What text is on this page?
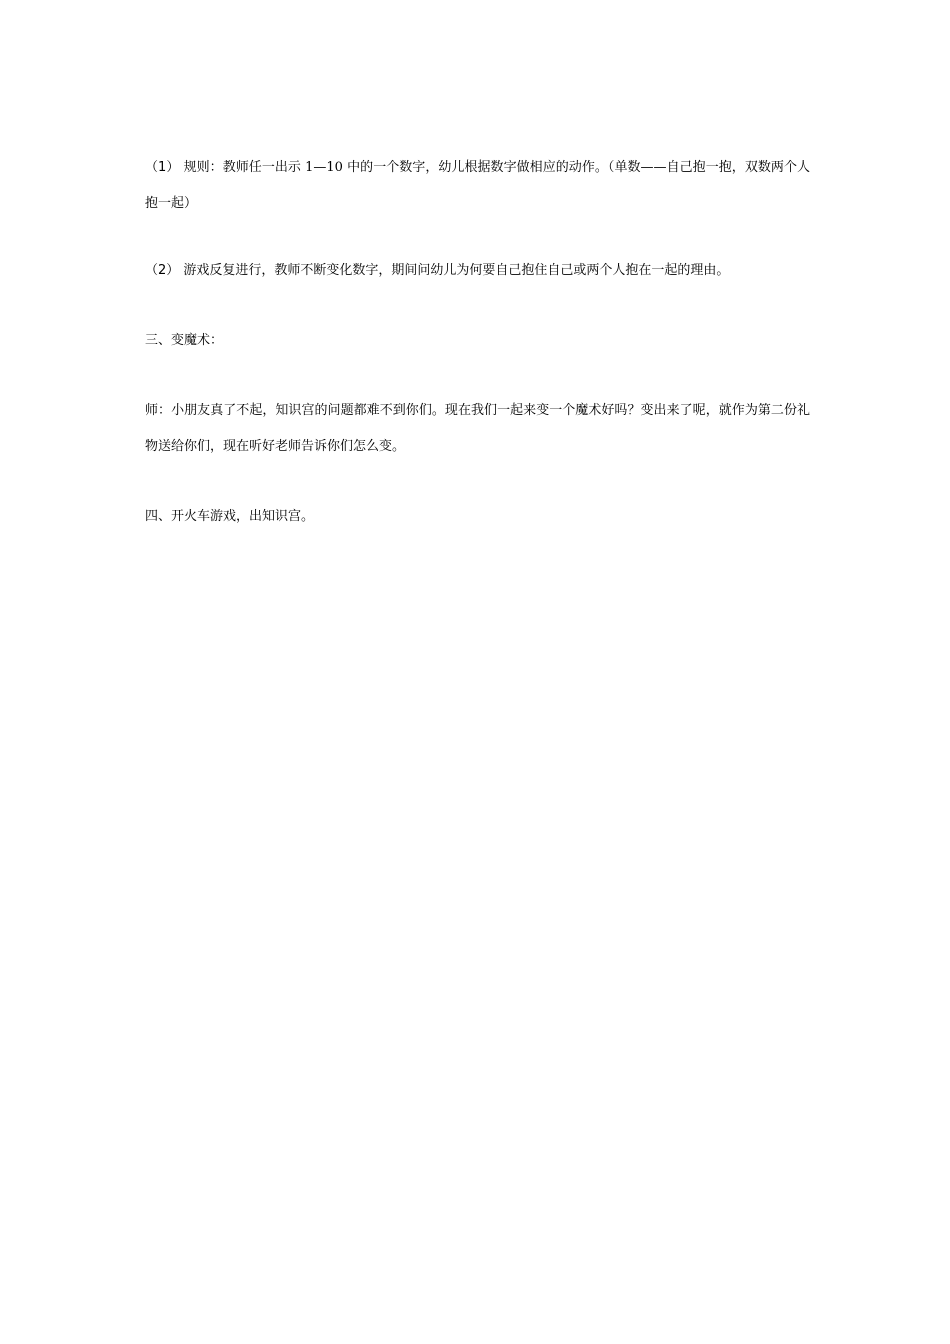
（1） 规则：教师任一出示 1—10 中的一个数字，幼儿根据数字做相应的动作。（单数——自己抱一抱，双数两个人抱一起）

（2） 游戏反复进行，教师不断变化数字，期间问幼儿为何要自己抱住自己或两个人抱在一起的理由。

三、变魔术：

师：小朋友真了不起，知识宫的问题都难不到你们。现在我们一起来变一个魔术好吗？变出来了呢，就作为第二份礼物送给你们，现在听好老师告诉你们怎么变。

四、开火车游戏，出知识宫。
